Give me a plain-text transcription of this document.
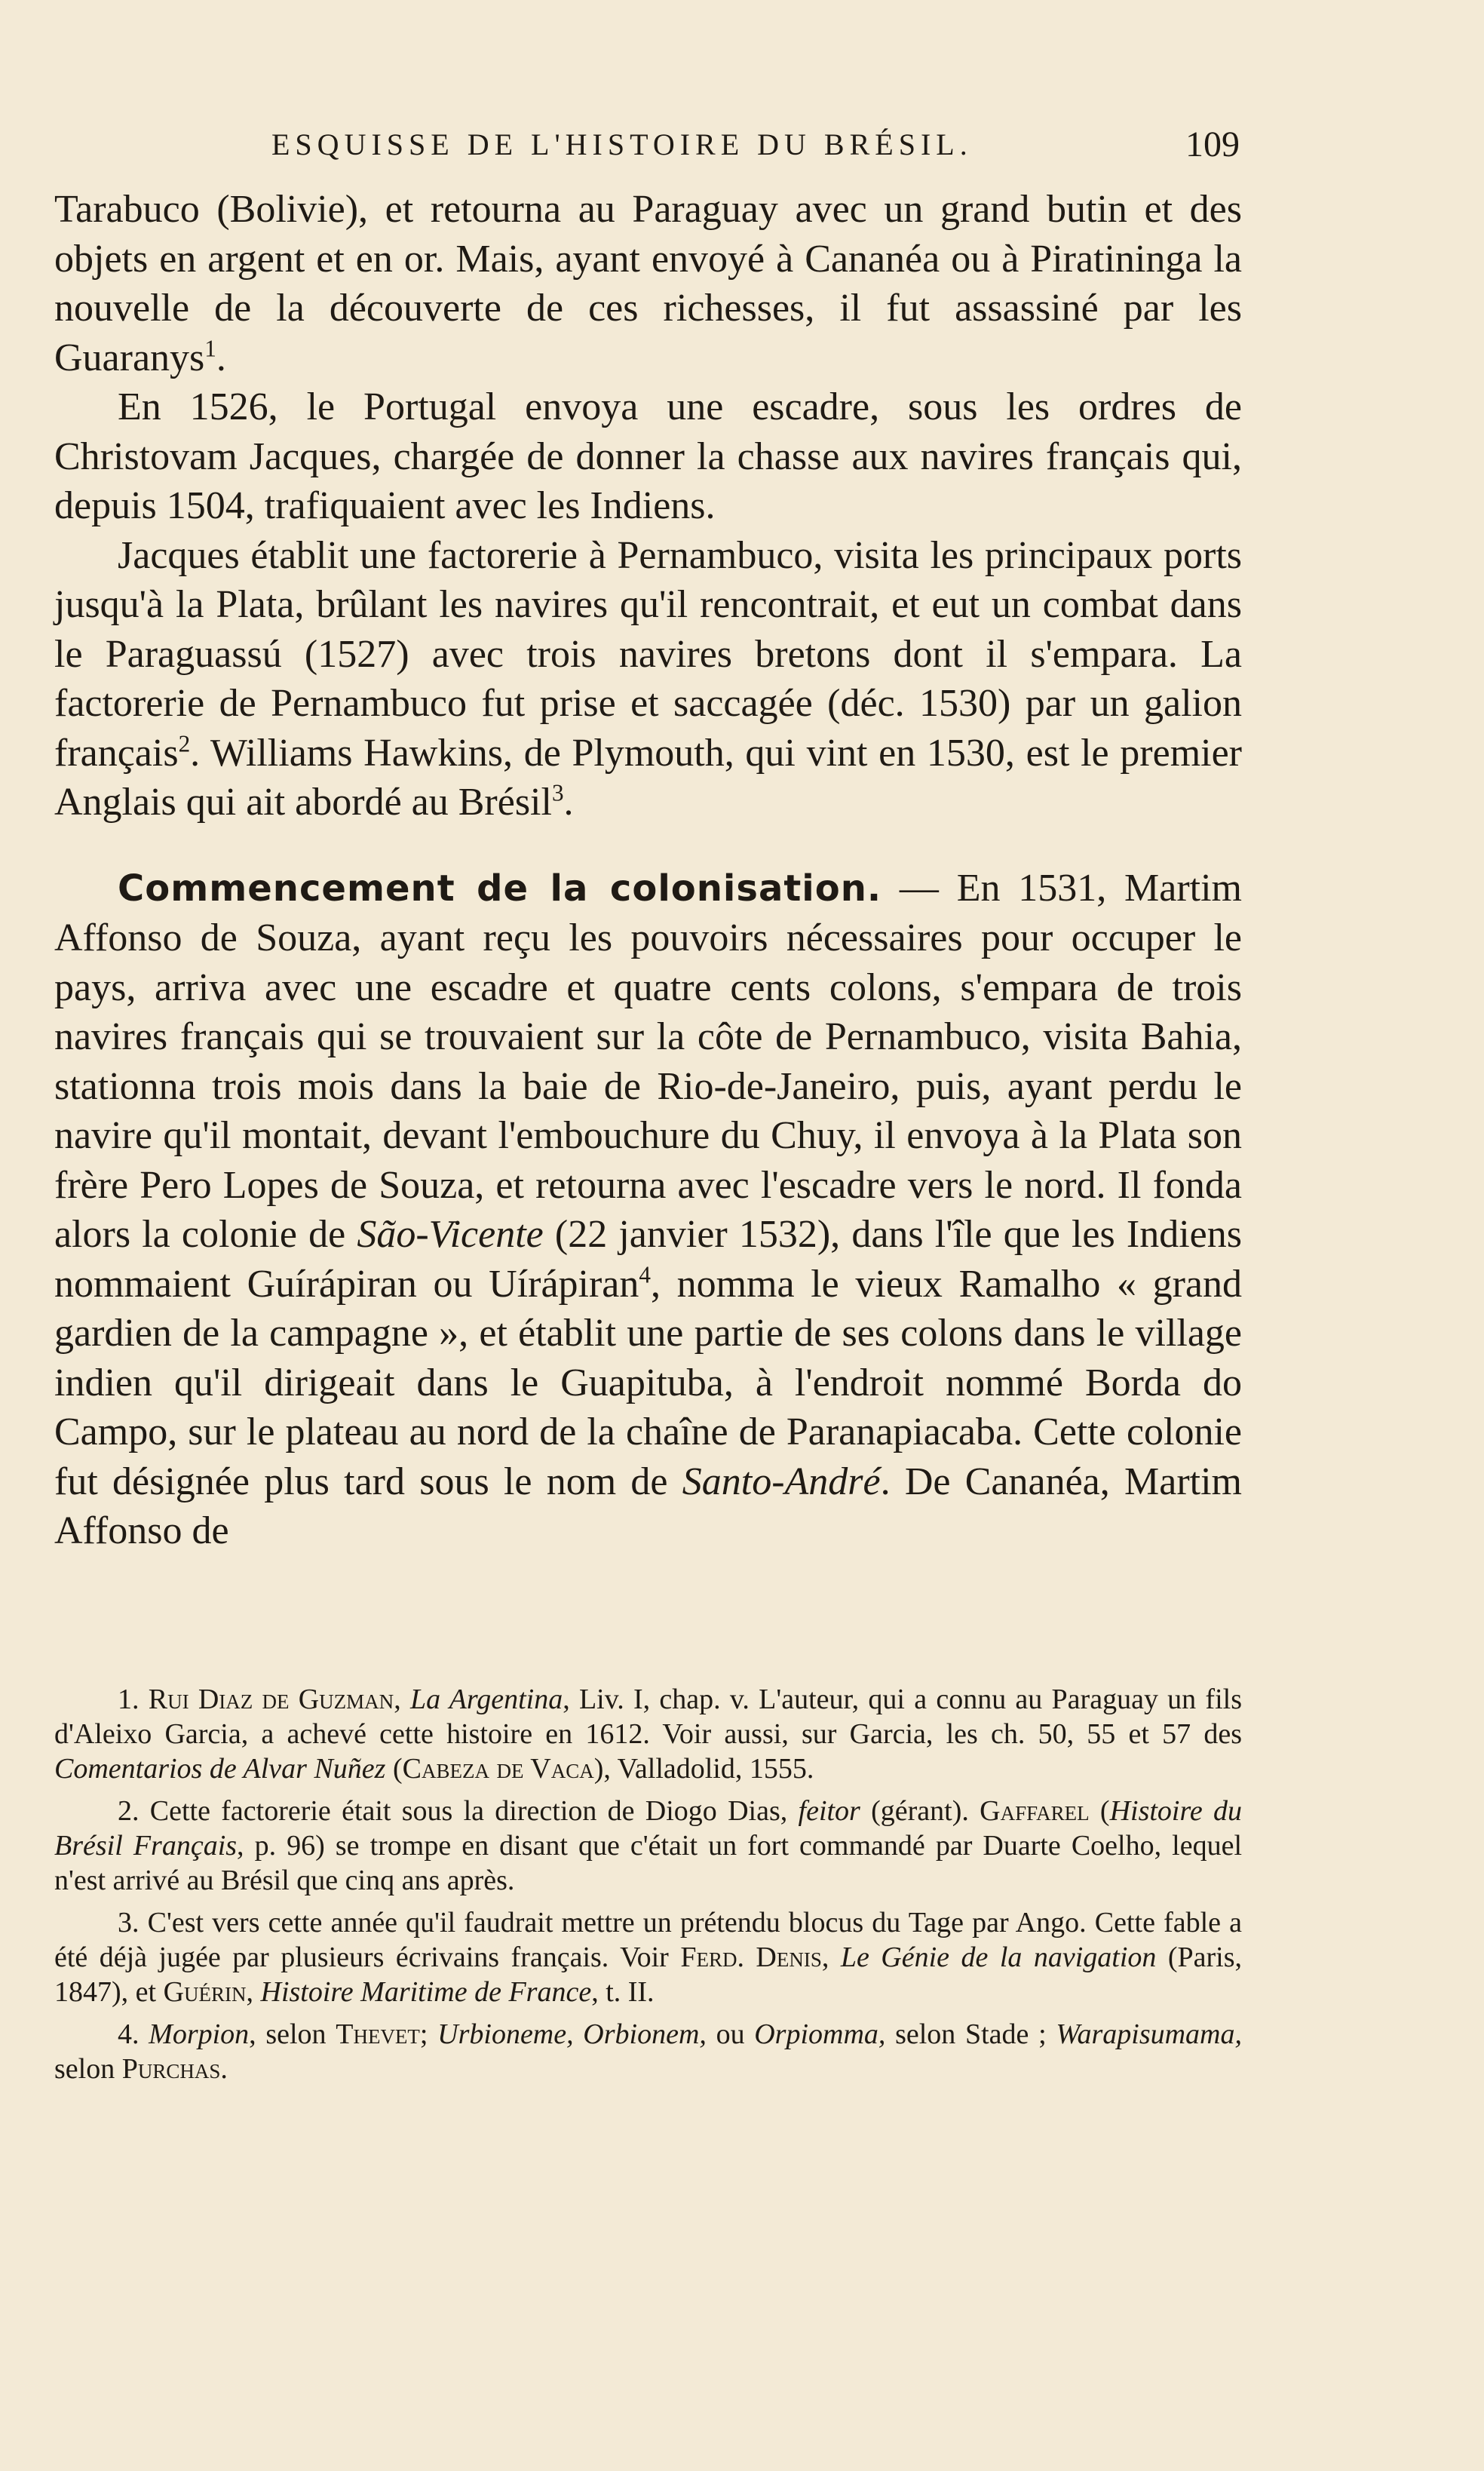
ESQUISSE DE L'HISTOIRE DU BRÉSIL.	109

Tarabuco (Bolivie), et retourna au Paraguay avec un grand butin et des objets en argent et en or. Mais, ayant envoyé à Cananéa ou à Piratininga la nouvelle de la découverte de ces richesses, il fut assassiné par les Guaranys$^1$.

En 1526, le Portugal envoya une escadre, sous les ordres de Christovam Jacques, chargée de donner la chasse aux navires français qui, depuis 1504, trafiquaient avec les Indiens.

Jacques établit une factorerie à Pernambuco, visita les principaux ports jusqu'à la Plata, brûlant les navires qu'il rencontrait, et eut un combat dans le Paraguassú (1527) avec trois navires bretons dont il s'empara. La factorerie de Pernambuco fut prise et saccagée (déc. 1530) par un galion français$^2$. Williams Hawkins, de Plymouth, qui vint en 1530, est le premier Anglais qui ait abordé au Brésil$^3$.

Commencement de la colonisation. — En 1531, Martim Affonso de Souza, ayant reçu les pouvoirs nécessaires pour occuper le pays, arriva avec une escadre et quatre cents colons, s'empara de trois navires français qui se trouvaient sur la côte de Pernambuco, visita Bahia, stationna trois mois dans la baie de Rio-de-Janeiro, puis, ayant perdu le navire qu'il montait, devant l'embouchure du Chuy, il envoya à la Plata son frère Pero Lopes de Souza, et retourna avec l'escadre vers le nord. Il fonda alors la colonie de São-Vicente (22 janvier 1532), dans l'île que les Indiens nommaient Guírápiran ou Uírápiran$^4$, nomma le vieux Ramalho « grand gardien de la campagne », et établit une partie de ses colons dans le village indien qu'il dirigeait dans le Guapituba, à l'endroit nommé Borda do Campo, sur le plateau au nord de la chaîne de Paranapiacaba. Cette colonie fut désignée plus tard sous le nom de Santo-André. De Cananéa, Martim Affonso de

1. Rui Diaz de Guzman, La Argentina, Liv. I, chap. v. L'auteur, qui a connu au Paraguay un fils d'Aleixo Garcia, a achevé cette histoire en 1612. Voir aussi, sur Garcia, les ch. 50, 55 et 57 des Comentarios de Alvar Nuñez (Cabeza de Vaca), Valladolid, 1555.

2. Cette factorerie était sous la direction de Diogo Dias, feitor (gérant). Gaffarel (Histoire du Brésil Français, p. 96) se trompe en disant que c'était un fort commandé par Duarte Coelho, lequel n'est arrivé au Brésil que cinq ans après.

3. C'est vers cette année qu'il faudrait mettre un prétendu blocus du Tage par Ango. Cette fable a été déjà jugée par plusieurs écrivains français. Voir Ferd. Denis, Le Génie de la navigation (Paris, 1847), et Guérin, Histoire Maritime de France, t. II.

4. Morpion, selon Thevet; Urbioneme, Orbionem, ou Orpiomma, selon Stade ; Warapisumama, selon Purchas.
